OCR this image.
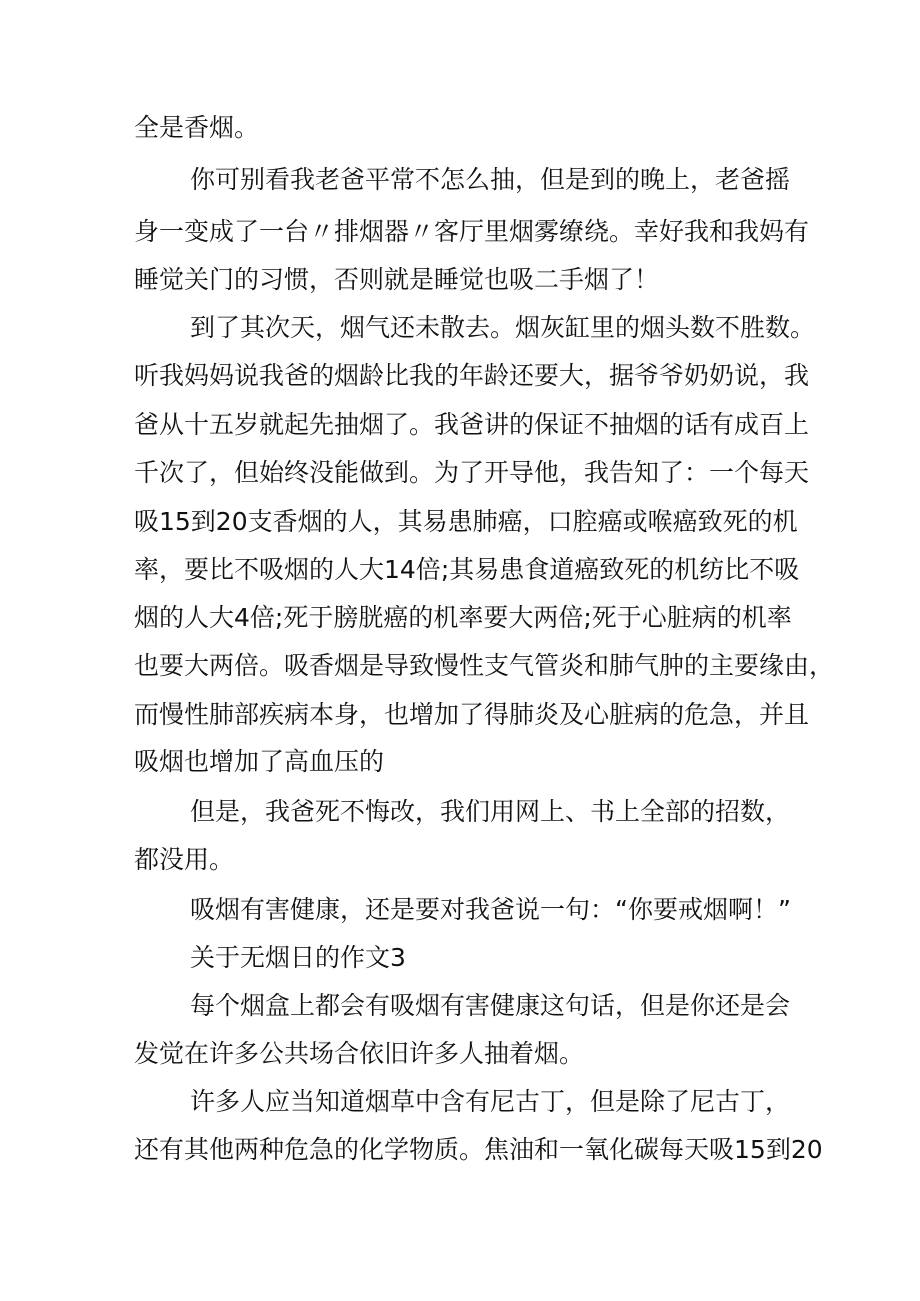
全是香烟。
你可别看我老爸平常不怎么抽，但是到的晚上，老爸摇
身一变成了一台〃排烟器〃客厅里烟雾缭绕。幸好我和我妈有
睡觉关门的习惯，否则就是睡觉也吸二手烟了！
到了其次天，烟气还未散去。烟灰缸里的烟头数不胜数。
听我妈妈说我爸的烟龄比我的年龄还要大，据爷爷奶奶说，我
爸从十五岁就起先抽烟了。我爸讲的保证不抽烟的话有成百上
千次了，但始终没能做到。为了开导他，我告知了：一个每天
吸15到20支香烟的人，其易患肺癌，口腔癌或喉癌致死的机
率，要比不吸烟的人大14倍;其易患食道癌致死的机纺比不吸
烟的人大4倍;死于膀胱癌的机率要大两倍;死于心脏病的机率
也要大两倍。吸香烟是导致慢性支气管炎和肺气肿的主要缘由，
而慢性肺部疾病本身，也增加了得肺炎及心脏病的危急，并且
吸烟也增加了高血压的
但是，我爸死不悔改，我们用网上、书上全部的招数，
都没用。
吸烟有害健康，还是要对我爸说一句：“你要戒烟啊！”
关于无烟日的作文3
每个烟盒上都会有吸烟有害健康这句话，但是你还是会
发觉在许多公共场合依旧许多人抽着烟。
许多人应当知道烟草中含有尼古丁，但是除了尼古丁，
还有其他两种危急的化学物质。焦油和一氧化碳每天吸15到20
